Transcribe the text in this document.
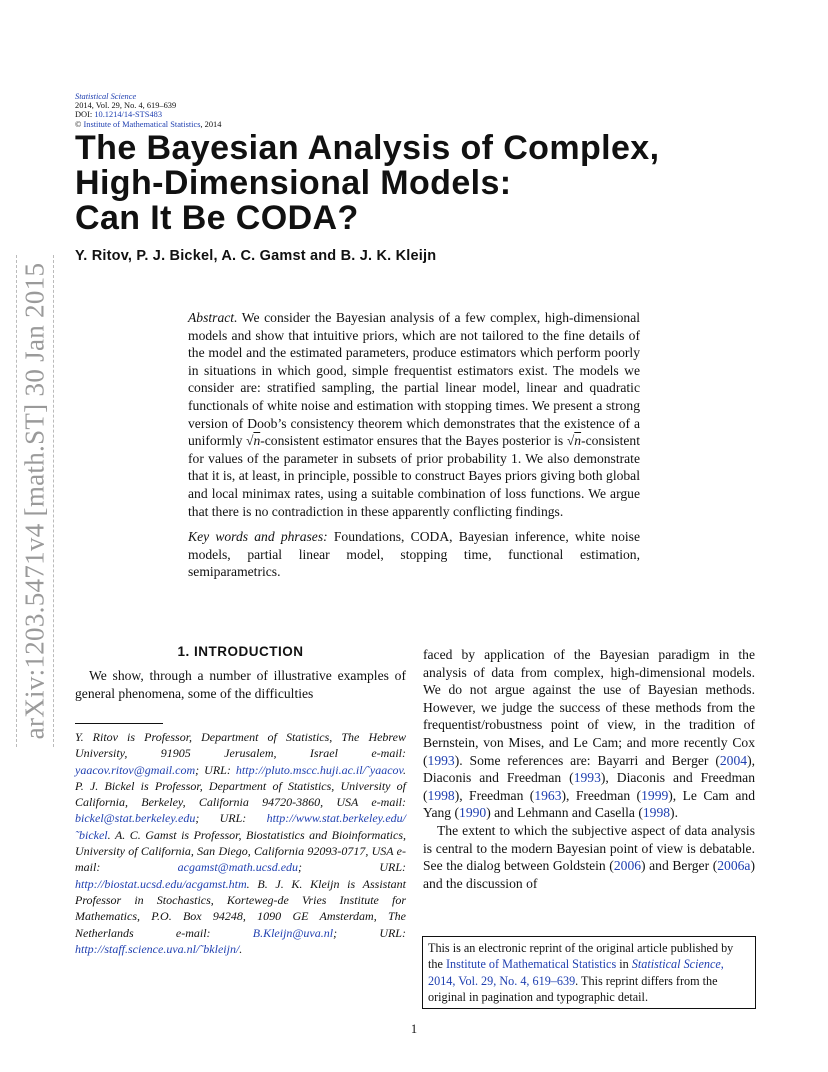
arXiv:1203.5471v4 [math.ST] 30 Jan 2015
Statistical Science
2014, Vol. 29, No. 4, 619–639
DOI: 10.1214/14-STS483
© Institute of Mathematical Statistics, 2014
The Bayesian Analysis of Complex,
High-Dimensional Models:
Can It Be CODA?
Y. Ritov, P. J. Bickel, A. C. Gamst and B. J. K. Kleijn

Abstract. We consider the Bayesian analysis of a few complex, high-dimensional models and show that intuitive priors, which are not tailored to the fine details of the model and the estimated parameters, produce estimators which perform poorly in situations in which good, simple frequentist estimators exist. The models we consider are: stratified sampling, the partial linear model, linear and quadratic functionals of white noise and estimation with stopping times. We present a strong version of Doob’s consistency theorem which demonstrates that the existence of a uniformly √n-consistent estimator ensures that the Bayes posterior is √n-consistent for values of the parameter in subsets of prior probability 1. We also demonstrate that it is, at least, in principle, possible to construct Bayes priors giving both global and local minimax rates, using a suitable combination of loss functions. We argue that there is no contradiction in these apparently conflicting findings.

Key words and phrases: Foundations, CODA, Bayesian inference, white noise models, partial linear model, stopping time, functional estimation, semiparametrics.

1. INTRODUCTION

We show, through a number of illustrative examples of general phenomena, some of the difficulties

Y. Ritov is Professor, Department of Statistics, The Hebrew University, 91905 Jerusalem, Israel e-mail: yaacov.ritov@gmail.com; URL: http://pluto.mscc.huji.ac.il/˜yaacov. P. J. Bickel is Professor, Department of Statistics, University of California, Berkeley, California 94720-3860, USA e-mail: bickel@stat.berkeley.edu; URL: http://www.stat.berkeley.edu/˜bickel. A. C. Gamst is Professor, Biostatistics and Bioinformatics, University of California, San Diego, California 92093-0717, USA e-mail: acgamst@math.ucsd.edu; URL: http://biostat.ucsd.edu/acgamst.htm. B. J. K. Kleijn is Assistant Professor in Stochastics, Korteweg-de Vries Institute for Mathematics, P.O. Box 94248, 1090 GE Amsterdam, The Netherlands e-mail: B.Kleijn@uva.nl; URL: http://staff.science.uva.nl/˜bkleijn/.

faced by application of the Bayesian paradigm in the analysis of data from complex, high-dimensional models. We do not argue against the use of Bayesian methods. However, we judge the success of these methods from the frequentist/robustness point of view, in the tradition of Bernstein, von Mises, and Le Cam; and more recently Cox (1993). Some references are: Bayarri and Berger (2004), Diaconis and Freedman (1993), Diaconis and Freedman (1998), Freedman (1963), Freedman (1999), Le Cam and Yang (1990) and Lehmann and Casella (1998).

The extent to which the subjective aspect of data analysis is central to the modern Bayesian point of view is debatable. See the dialog between Goldstein (2006) and Berger (2006a) and the discussion of

This is an electronic reprint of the original article published by the Institute of Mathematical Statistics in Statistical Science, 2014, Vol. 29, No. 4, 619–639. This reprint differs from the original in pagination and typographic detail.
1
